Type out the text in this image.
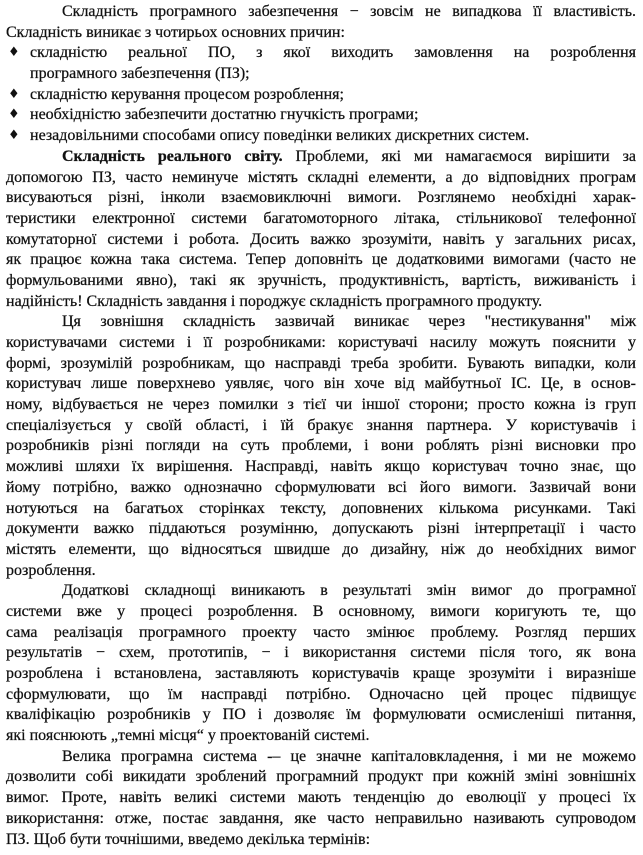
Складність програмного забезпечення − зовсім не випадкова її властивість.
Складність виникає з чотирьох основних причин:
♦ складністю реальної ПО, з якої виходить замовлення на розроблення
програмного забезпечення (ПЗ);
♦ складністю керування процесом розроблення;
♦ необхідністю забезпечити достатню гнучкість програми;
♦ незадовільними способами опису поведінки великих дискретних систем.
Складність реального світу. Проблеми, які ми намагаємося вирішити за
допомогою ПЗ, часто неминуче містять складні елементи, а до відповідних програм
висуваються різні, інколи взаємовиключні вимоги. Розглянемо необхідні харак-
теристики електронної системи багатомоторного літака, стільникової телефонної
комутаторної системи і робота. Досить важко зрозуміти, навіть у загальних рисах,
як працює кожна така система. Тепер доповніть це додатковими вимогами (часто не
формульованими явно), такі як зручність, продуктивність, вартість, виживаність і
надійність! Складність завдання і породжує складність програмного продукту.
Ця зовнішня складність зазвичай виникає через "нестикування" між
користувачами системи і її розробниками: користувачі насилу можуть пояснити у
формі, зрозумілій розробникам, що насправді треба зробити. Бувають випадки, коли
користувач лише поверхнево уявляє, чого він хоче від майбутньої ІС. Це, в основ-
ному, відбувається не через помилки з тієї чи іншої сторони; просто кожна із груп
спеціалізується у своїй області, і їй бракує знання партнера. У користувачів і
розробників різні погляди на суть проблеми, і вони роблять різні висновки про
можливі шляхи їх вирішення. Насправді, навіть якщо користувач точно знає, що
йому потрібно, важко однозначно сформулювати всі його вимоги. Зазвичай вони
нотуються на багатьох сторінках тексту, доповнених кількома рисунками. Такі
документи важко піддаються розумінню, допускають різні інтерпретації і часто
містять елементи, що відносяться швидше до дизайну, ніж до необхідних вимог
розроблення.
Додаткові складнощі виникають в результаті змін вимог до програмної
системи вже у процесі розроблення. В основному, вимоги коригують те, що
сама реалізація програмного проекту часто змінює проблему. Розгляд перших
результатів − схем, прототипів, − і використання системи після того, як вона
розроблена і встановлена, заставляють користувачів краще зрозуміти і виразніше
сформулювати, що їм насправді потрібно. Одночасно цей процес підвищує
кваліфікацію розробників у ПО і дозволяє їм формулювати осмисленіші питання,
які пояснюють „темні місця“ у проектованій системі.
Велика програмна система -– це значне капіталовкладення, і ми не можемо
дозволити собі викидати зроблений програмний продукт при кожній зміні зовнішніх
вимог. Проте, навіть великі системи мають тенденцію до еволюції у процесі їх
використання: отже, постає завдання, яке часто неправильно називають супроводом
ПЗ. Щоб бути точнішими, введемо декілька термінів:
